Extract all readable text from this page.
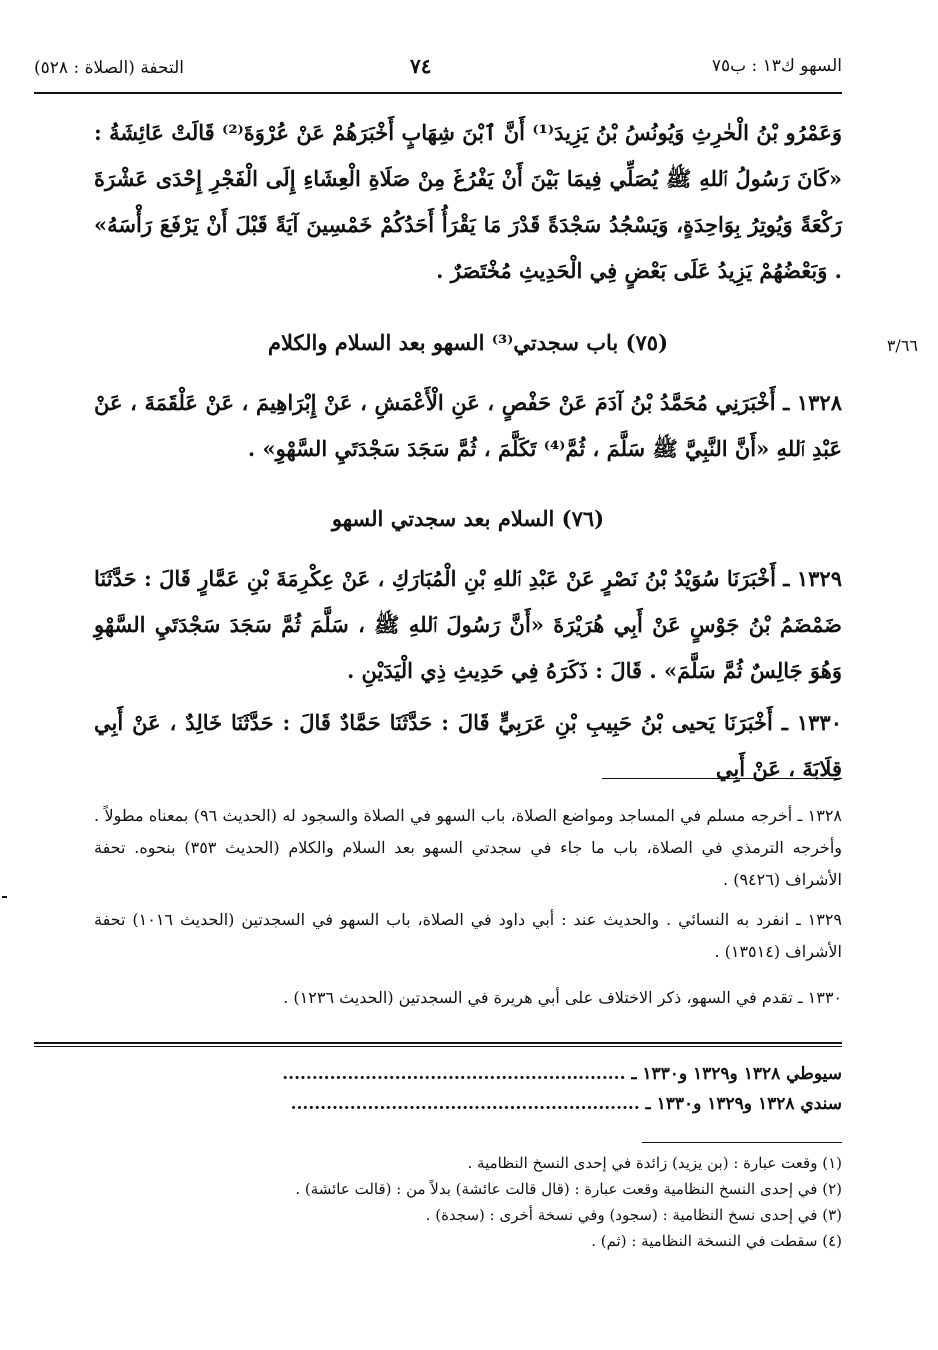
السهو ك١٣ : ب٧٥
٧٤
التحفة (الصلاة : ٥٢٨)

وَعَمْرُو بْنُ الْحٰرِثِ وَيُونُسُ بْنُ يَزِيدَ⁽¹⁾ أَنَّ ٱبْنَ شِهَابٍ أَخْبَرَهُمْ عَنْ عُرْوَةَ⁽²⁾ قَالَتْ عَائِشَةُ : «كَانَ رَسُولُ ٱللهِ ﷺ يُصَلِّي فِيمَا بَيْنَ أَنْ يَفْرُغَ مِنْ صَلَاةِ الْعِشَاءِ إِلَى الْفَجْرِ إِحْدَى عَشْرَةَ رَكْعَةً وَيُوتِرُ بِوَاحِدَةٍ، وَيَسْجُدُ سَجْدَةً قَدْرَ مَا يَقْرَأُ أَحَدُكُمْ خَمْسِينَ آيَةً قَبْلَ أَنْ يَرْفَعَ رَأْسَهُ» . وَبَعْضُهُمْ يَزِيدُ عَلَى بَعْضٍ فِي الْحَدِيثِ مُخْتَصَرٌ .

٣/٦٦
(٧٥) باب سجدتي⁽³⁾ السهو بعد السلام والكلام

١٣٢٨ ـ أَخْبَرَنِي مُحَمَّدُ بْنُ آدَمَ عَنْ حَفْصٍ ، عَنِ الْأَعْمَشِ ، عَنْ إِبْرَاهِيمَ ، عَنْ عَلْقَمَةَ ، عَنْ عَبْدِ ٱللهِ «أَنَّ النَّبِيَّ ﷺ سَلَّمَ ، ثُمَّ⁽⁴⁾ تَكَلَّمَ ، ثُمَّ سَجَدَ سَجْدَتَيِ السَّهْوِ» .

(٧٦) السلام بعد سجدتي السهو

١٣٢٩ ـ أَخْبَرَنَا سُوَيْدُ بْنُ نَصْرٍ عَنْ عَبْدِ ٱللهِ بْنِ الْمُبَارَكِ ، عَنْ عِكْرِمَةَ بْنِ عَمَّارٍ قَالَ : حَدَّثَنَا ضَمْضَمُ بْنُ جَوْسٍ عَنْ أَبِي هُرَيْرَةَ «أَنَّ رَسُولَ ٱللهِ ﷺ ، سَلَّمَ ثُمَّ سَجَدَ سَجْدَتَيِ السَّهْوِ وَهُوَ جَالِسٌ ثُمَّ سَلَّمَ» . قَالَ : ذَكَرَهُ فِي حَدِيثِ ذِي الْيَدَيْنِ .

١٣٣٠ ـ أَخْبَرَنَا يَحيى بْنُ حَبِيبِ بْنِ عَرَبِيٍّ قَالَ : حَدَّثَنَا حَمَّادٌ قَالَ : حَدَّثَنَا خَالِدٌ ، عَنْ أَبِي قِلَابَةَ ، عَنْ أَبِي

١٣٢٨ ـ أخرجه مسلم في المساجد ومواضع الصلاة، باب السهو في الصلاة والسجود له (الحديث ٩٦) بمعناه مطولاً . وأخرجه الترمذي في الصلاة، باب ما جاء في سجدتي السهو بعد السلام والكلام (الحديث ٣٥٣) بنحوه. تحفة الأشراف (٩٤٢٦) .

١٣٢٩ ـ انفرد به النسائي . والحديث عند : أبي داود في الصلاة، باب السهو في السجدتين (الحديث ١٠١٦) تحفة الأشراف (١٣٥١٤) .

١٣٣٠ ـ تقدم في السهو، ذكر الاختلاف على أبي هريرة في السجدتين (الحديث ١٢٣٦) .

سيوطي ١٣٢٨ و١٣٢٩ و١٣٣٠ ـ ..........................................................
سندي ١٣٢٨ و١٣٢٩ و١٣٣٠ ـ ...........................................................

(١) وقعت عبارة : (بن يزيد) زائدة في إحدى النسخ النظامية .

(٢) في إحدى النسخ النظامية وقعت عبارة : (قال قالت عائشة) بدلاً من : (قالت عائشة) .

(٣) في إحدى نسخ النظامية : (سجود) وفي نسخة أخرى : (سجدة) .

(٤) سقطت في النسخة النظامية : (ثم) .
